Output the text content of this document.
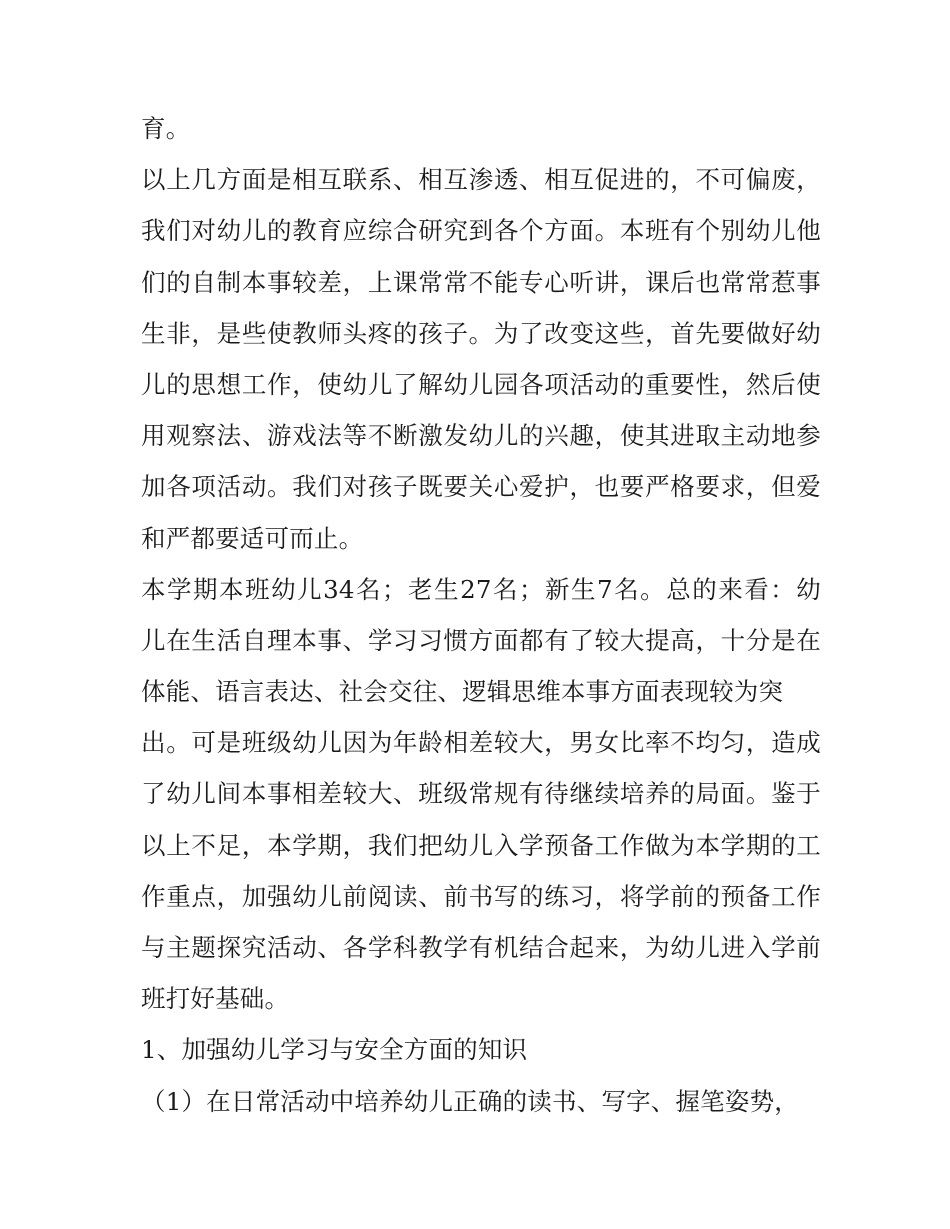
育。
以上几方面是相互联系、相互渗透、相互促进的，不可偏废，
我们对幼儿的教育应综合研究到各个方面。本班有个别幼儿他
们的自制本事较差，上课常常不能专心听讲，课后也常常惹事
生非，是些使教师头疼的孩子。为了改变这些，首先要做好幼
儿的思想工作，使幼儿了解幼儿园各项活动的重要性，然后使
用观察法、游戏法等不断激发幼儿的兴趣，使其进取主动地参
加各项活动。我们对孩子既要关心爱护，也要严格要求，但爱
和严都要适可而止。
本学期本班幼儿34名；老生27名；新生7名。总的来看：幼
儿在生活自理本事、学习习惯方面都有了较大提高，十分是在
体能、语言表达、社会交往、逻辑思维本事方面表现较为突
出。可是班级幼儿因为年龄相差较大，男女比率不均匀，造成
了幼儿间本事相差较大、班级常规有待继续培养的局面。鉴于
以上不足，本学期，我们把幼儿入学预备工作做为本学期的工
作重点，加强幼儿前阅读、前书写的练习，将学前的预备工作
与主题探究活动、各学科教学有机结合起来，为幼儿进入学前
班打好基础。
1、加强幼儿学习与安全方面的知识
（1）在日常活动中培养幼儿正确的读书、写字、握笔姿势，
